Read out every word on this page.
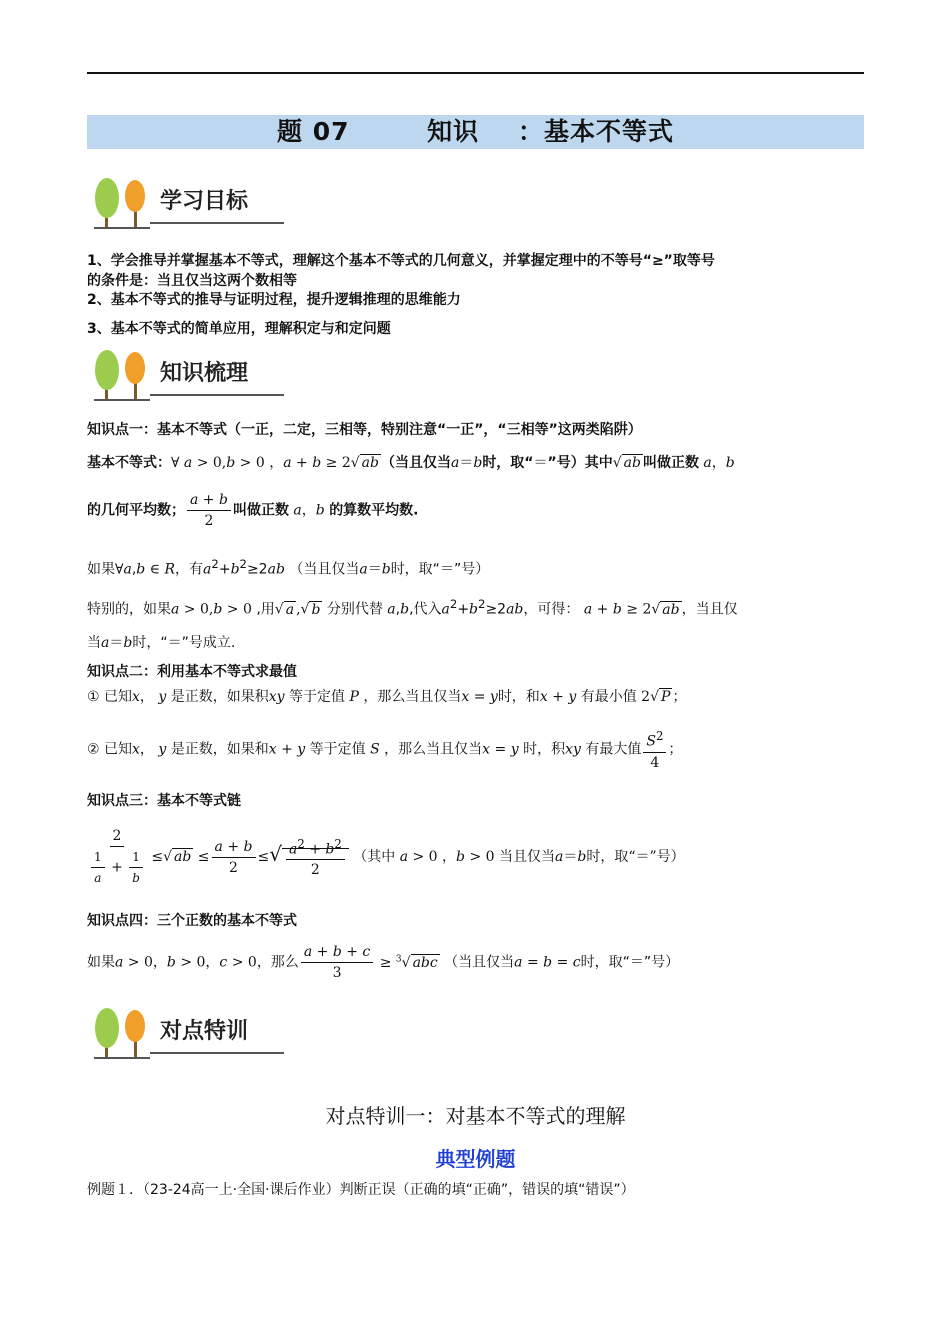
题 07        知识    ：基本不等式
学习目标
1、学会推导并掌握基本不等式，理解这个基本不等式的几何意义，并掌握定理中的不等号“≥”取等号
的条件是：当且仅当这两个数相等
2、基本不等式的推导与证明过程，提升逻辑推理的思维能力
3、基本不等式的简单应用，理解积定与和定问题
知识梳理
知识点一：基本不等式（一正，二定，三相等，特别注意“一正”，“三相等”这两类陷阱）
基本不等式：∀ a > 0,b > 0 ，a + b ≥ 2√ ab （当且仅当a＝b时，取“＝”号）其中√ ab 叫做正数 a，b
的几何平均数； $\frac{a + b}{2}$ 叫做正数 a，b 的算数平均数.
如果∀a,b ∈ R，有$a^2+b^2\ge 2ab$ （当且仅当a＝b时，取“＝”号）
特别的，如果a > 0,b > 0 ,用√ a ,√ b 分别代替 a,b,代入$a^2+b^2\ge 2ab$，可得： a + b ≥ 2√ ab ，当且仅
当a＝b时，“＝”号成立.
知识点二：利用基本不等式求最值
① 已知x， y 是正数，如果积xy 等于定值 P ，那么当且仅当x = y时，和x + y 有最小值 2√ P ；
② 已知x， y 是正数，如果和x + y 等于定值 S ，那么当且仅当x = y 时，积xy 有最大值 $\frac{S^2}{4}$ ；
知识点三：基本不等式链
$\frac{2}{\frac{1}{a} + \frac{1}{b}}$ ≤√ ab ≤ $\frac{a + b}{2}$ ≤√ $\frac{a^2 + b^2}{2}$ （其中 a > 0 ，b > 0 当且仅当a＝b时，取“＝”号）
知识点四：三个正数的基本不等式
如果a > 0，b > 0，c > 0，那么 $\frac{a + b + c}{3} \ge ^3√$ abc （当且仅当a = b = c时，取“＝”号）
对点特训
对点特训一：对基本不等式的理解
典型例题
例题１．（23-24高一上·全国·课后作业）判断正误（正确的填“正确”，错误的填“错误”）
